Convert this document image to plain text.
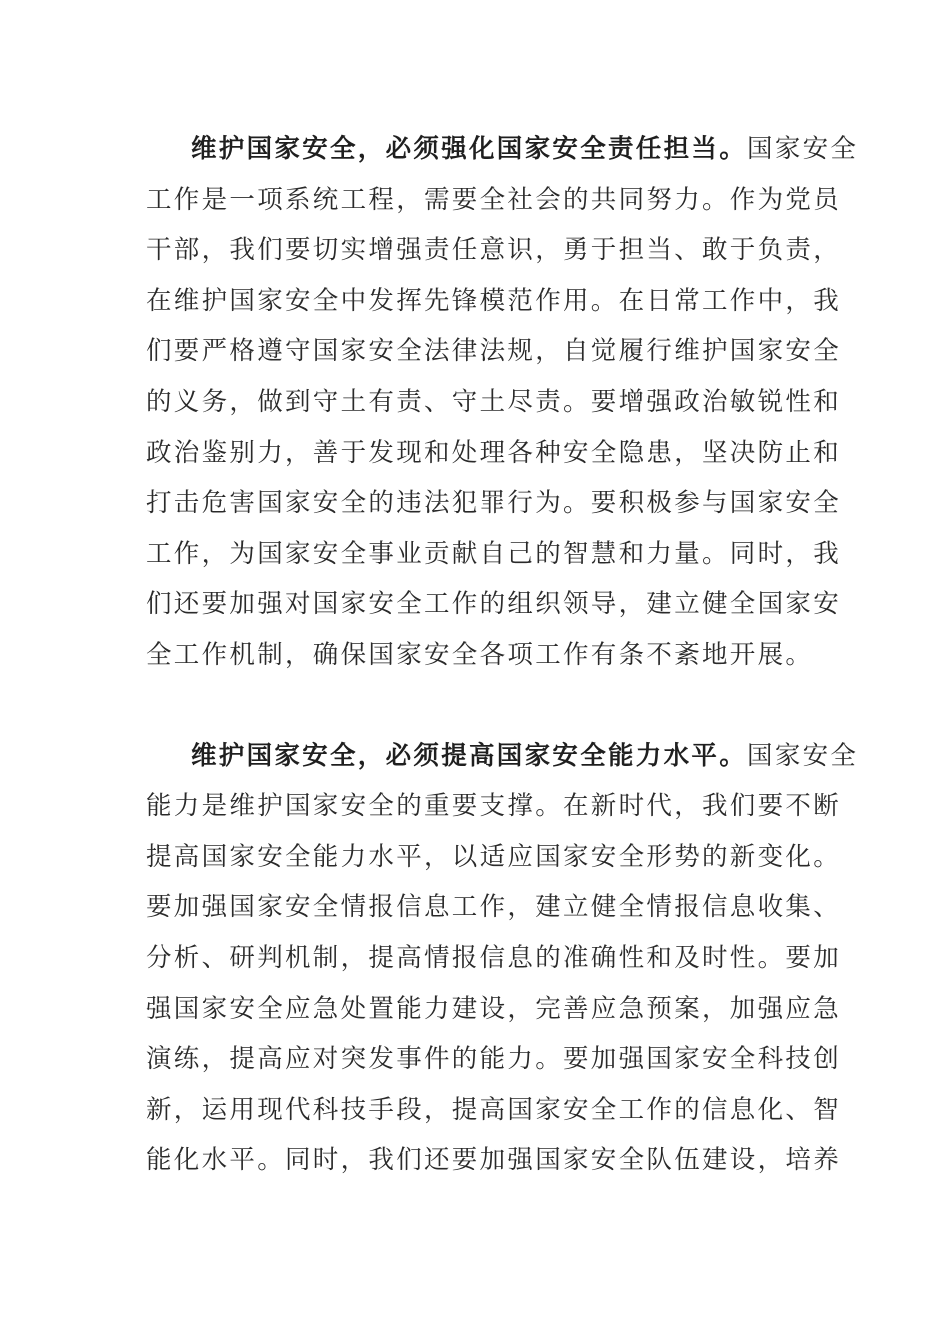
维护国家安全，必须强化国家安全责任担当。国家安全
工作是一项系统工程，需要全社会的共同努力。作为党员
干部，我们要切实增强责任意识，勇于担当、敢于负责，
在维护国家安全中发挥先锋模范作用。在日常工作中，我
们要严格遵守国家安全法律法规，自觉履行维护国家安全
的义务，做到守土有责、守土尽责。要增强政治敏锐性和
政治鉴别力，善于发现和处理各种安全隐患，坚决防止和
打击危害国家安全的违法犯罪行为。要积极参与国家安全
工作，为国家安全事业贡献自己的智慧和力量。同时，我
们还要加强对国家安全工作的组织领导，建立健全国家安
全工作机制，确保国家安全各项工作有条不紊地开展。
维护国家安全，必须提高国家安全能力水平。国家安全
能力是维护国家安全的重要支撑。在新时代，我们要不断
提高国家安全能力水平，以适应国家安全形势的新变化。
要加强国家安全情报信息工作，建立健全情报信息收集、
分析、研判机制，提高情报信息的准确性和及时性。要加
强国家安全应急处置能力建设，完善应急预案，加强应急
演练，提高应对突发事件的能力。要加强国家安全科技创
新，运用现代科技手段，提高国家安全工作的信息化、智
能化水平。同时，我们还要加强国家安全队伍建设，培养
